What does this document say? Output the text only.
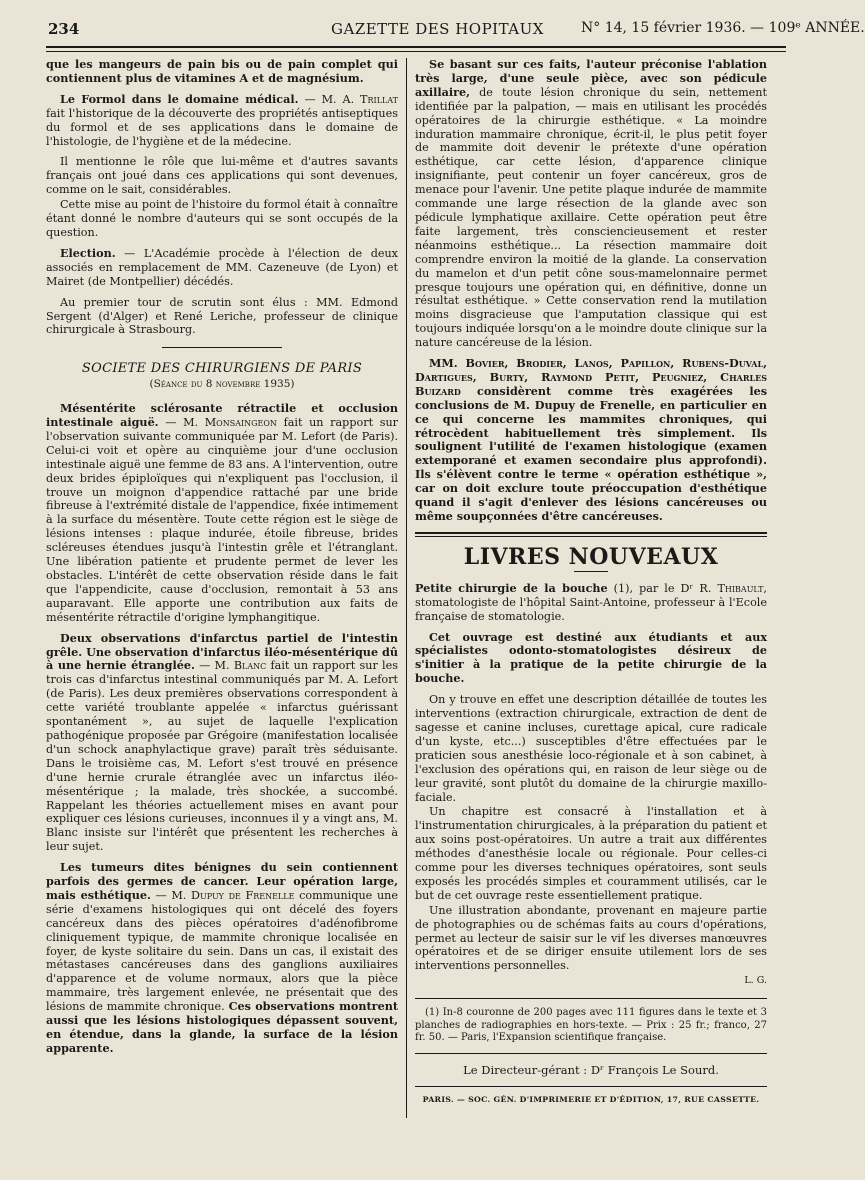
234	GAZETTE DES HOPITAUX	N° 14, 15 février 1936. — 109ᵉ ANNÉE.

que les mangeurs de pain bis ou de pain complet qui contiennent plus de vitamines A et de magnésium.

Le Formol dans le domaine médical. — M. A. Trillat fait l'historique de la découverte des propriétés antiseptiques du formol et de ses applications dans le domaine de l'histologie, de l'hygiène et de la médecine.

Il mentionne le rôle que lui-même et d'autres savants français ont joué dans ces applications qui sont devenues, comme on le sait, considérables.

Cette mise au point de l'histoire du formol était à connaître étant donné le nombre d'auteurs qui se sont occupés de la question.

Election. — L'Académie procède à l'élection de deux associés en remplacement de MM. Cazeneuve (de Lyon) et Mairet (de Montpellier) décédés.

Au premier tour de scrutin sont élus : MM. Edmond Sergent (d'Alger) et René Leriche, professeur de clinique chirurgicale à Strasbourg.

SOCIETE DES CHIRURGIENS DE PARIS
(Séance du 8 novembre 1935)

Mésentérite sclérosante rétractile et occlusion intestinale aiguë. — M. Monsaingeon fait un rapport sur l'observation suivante communiquée par M. Lefort (de Paris). Celui-ci voit et opère au cinquième jour d'une occlusion intestinale aiguë une femme de 83 ans. A l'intervention, outre deux brides épiploïques qui n'expliquent pas l'occlusion, il trouve un moignon d'appendice rattaché par une bride fibreuse à l'extrémité distale de l'appendice, fixée intimement à la surface du mésentère. Toute cette région est le siège de lésions intenses : plaque indurée, étoile fibreuse, brides scléreuses étendues jusqu'à l'intestin grêle et l'étranglant. Une libération patiente et prudente permet de lever les obstacles. L'intérêt de cette observation réside dans le fait que l'appendicite, cause d'occlusion, remontait à 53 ans auparavant. Elle apporte une contribution aux faits de mésentérite rétractile d'origine lymphangitique.

Deux observations d'infarctus partiel de l'intestin grêle. Une observation d'infarctus iléo-mésentérique dû à une hernie étranglée. — M. Blanc fait un rapport sur les trois cas d'infarctus intestinal communiqués par M. A. Lefort (de Paris). Les deux premières observations correspondent à cette variété troublante appelée « infarctus guérissant spontanément », au sujet de laquelle l'explication pathogénique proposée par Grégoire (manifestation localisée d'un schock anaphylactique grave) paraît très séduisante. Dans le troisième cas, M. Lefort s'est trouvé en présence d'une hernie crurale étranglée avec un infarctus iléo-mésentérique ; la malade, très shockée, a succombé. Rappelant les théories actuellement mises en avant pour expliquer ces lésions curieuses, inconnues il y a vingt ans, M. Blanc insiste sur l'intérêt que présentent les recherches à leur sujet.

Les tumeurs dites bénignes du sein contiennent parfois des germes de cancer. Leur opération large, mais esthétique. — M. Dupuy de Frenelle communique une série d'examens histologiques qui ont décelé des foyers cancéreux dans des pièces opératoires d'adénofibrome cliniquement typique, de mammite chronique localisée en foyer, de kyste solitaire du sein. Dans un cas, il existait des métastases cancéreuses dans des ganglions auxiliaires d'apparence et de volume normaux, alors que la pièce mammaire, très largement enlevée, ne présentait que des lésions de mammite chronique. Ces observations montrent aussi que les lésions histologiques dépassent souvent, en étendue, dans la glande, la surface de la lésion apparente.

Se basant sur ces faits, l'auteur préconise l'ablation très large, d'une seule pièce, avec son pédicule axillaire, de toute lésion chronique du sein, nettement identifiée par la palpation, — mais en utilisant les procédés opératoires de la chirurgie esthétique. « La moindre induration mammaire chronique, écrit-il, le plus petit foyer de mammite doit devenir le prétexte d'une opération esthétique, car cette lésion, d'apparence clinique insignifiante, peut contenir un foyer cancéreux, gros de menace pour l'avenir. Une petite plaque indurée de mammite commande une large résection de la glande avec son pédicule lymphatique axillaire. Cette opération peut être faite largement, très consciencieusement et rester néanmoins esthétique... La résection mammaire doit comprendre environ la moitié de la glande. La conservation du mamelon et d'un petit cône sous-mamelonnaire permet presque toujours une opération qui, en définitive, donne un résultat esthétique. » Cette conservation rend la mutilation moins disgracieuse que l'amputation classique qui est toujours indiquée lorsqu'on a le moindre doute clinique sur la nature cancéreuse de la lésion.

MM. Bovier, Brodier, Lanos, Papillon, Rubens-Duval, Dartigues, Burty, Raymond Petit, Peugniez, Charles Buizard considèrent comme très exagérées les conclusions de M. Dupuy de Frenelle, en particulier en ce qui concerne les mammites chroniques, qui rétrocèdent habituellement très simplement. Ils soulignent l'utilité de l'examen histologique (examen extemporané et examen secondaire plus approfondi). Ils s'élèvent contre le terme « opération esthétique », car on doit exclure toute préoccupation d'esthétique quand il s'agit d'enlever des lésions cancéreuses ou même soupçonnées d'être cancéreuses.

LIVRES NOUVEAUX

Petite chirurgie de la bouche (1), par le Dʳ R. Thibault, stomatologiste de l'hôpital Saint-Antoine, professeur à l'Ecole française de stomatologie.

Cet ouvrage est destiné aux étudiants et aux spécialistes odonto-stomatologistes désireux de s'initier à la pratique de la petite chirurgie de la bouche.

On y trouve en effet une description détaillée de toutes les interventions (extraction chirurgicale, extraction de dent de sagesse et canine incluses, curettage apical, cure radicale d'un kyste, etc...) susceptibles d'être effectuées par le praticien sous anesthésie loco-régionale et à son cabinet, à l'exclusion des opérations qui, en raison de leur siège ou de leur gravité, sont plutôt du domaine de la chirurgie maxillo-faciale.

Un chapitre est consacré à l'installation et à l'instrumentation chirurgicales, à la préparation du patient et aux soins post-opératoires. Un autre a trait aux différentes méthodes d'anesthésie locale ou régionale. Pour celles-ci comme pour les diverses techniques opératoires, sont seuls exposés les procédés simples et couramment utilisés, car le but de cet ouvrage reste essentiellement pratique.

Une illustration abondante, provenant en majeure partie de photographies ou de schémas faits au cours d'opérations, permet au lecteur de saisir sur le vif les diverses manœuvres opératoires et de se diriger ensuite utilement lors de ses interventions personnelles.

L. G.
(1) In-8 couronne de 200 pages avec 111 figures dans le texte et 3 planches de radiographies en hors-texte. — Prix : 25 fr.; franco, 27 fr. 50. — Paris, l'Expansion scientifique française.
Le Directeur-gérant : Dʳ François Le Sourd.
PARIS. — SOC. GÉN. D'IMPRIMERIE ET D'ÉDITION, 17, RUE CASSETTE.
